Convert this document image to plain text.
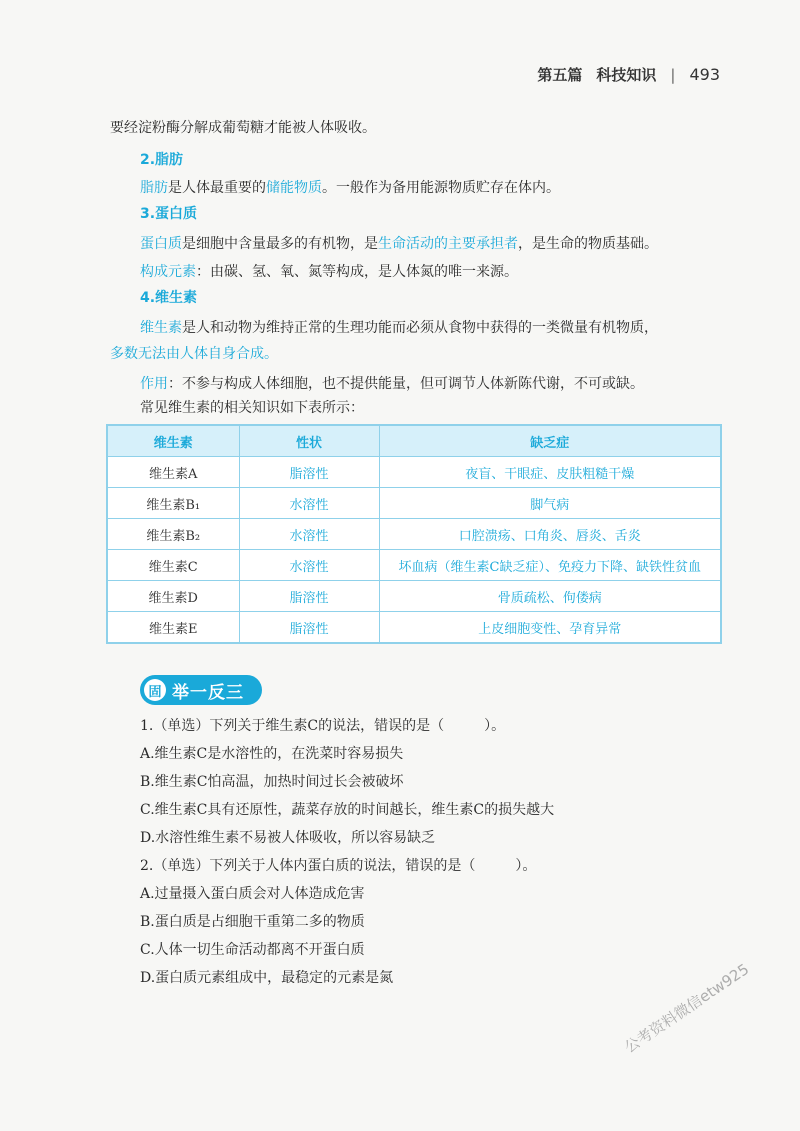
第五篇 科技知识 | 493
要经淀粉酶分解成葡萄糖才能被人体吸收。
2.脂肪
脂肪是人体最重要的储能物质。一般作为备用能源物质贮存在体内。
3.蛋白质
蛋白质是细胞中含量最多的有机物，是生命活动的主要承担者，是生命的物质基础。
构成元素：由碳、氢、氧、氮等构成，是人体氮的唯一来源。
4.维生素
维生素是人和动物为维持正常的生理功能而必须从食物中获得的一类微量有机物质，
多数无法由人体自身合成。
作用：不参与构成人体细胞，也不提供能量，但可调节人体新陈代谢，不可或缺。
常见维生素的相关知识如下表所示：
维生素	性状	缺乏症
维生素A	脂溶性	夜盲、干眼症、皮肤粗糙干燥
维生素B₁	水溶性	脚气病
维生素B₂	水溶性	口腔溃疡、口角炎、唇炎、舌炎
维生素C	水溶性	坏血病（维生素C缺乏症）、免疫力下降、缺铁性贫血
维生素D	脂溶性	骨质疏松、佝偻病
维生素E	脂溶性	上皮细胞变性、孕育异常
固 举一反三
1.（单选）下列关于维生素C的说法，错误的是（	）。
A.维生素C是水溶性的，在洗菜时容易损失
B.维生素C怕高温，加热时间过长会被破坏
C.维生素C具有还原性，蔬菜存放的时间越长，维生素C的损失越大
D.水溶性维生素不易被人体吸收，所以容易缺乏
2.（单选）下列关于人体内蛋白质的说法，错误的是（	）。
A.过量摄入蛋白质会对人体造成危害
B.蛋白质是占细胞干重第二多的物质
C.人体一切生命活动都离不开蛋白质
D.蛋白质元素组成中，最稳定的元素是氮	公考资料微信etw925
